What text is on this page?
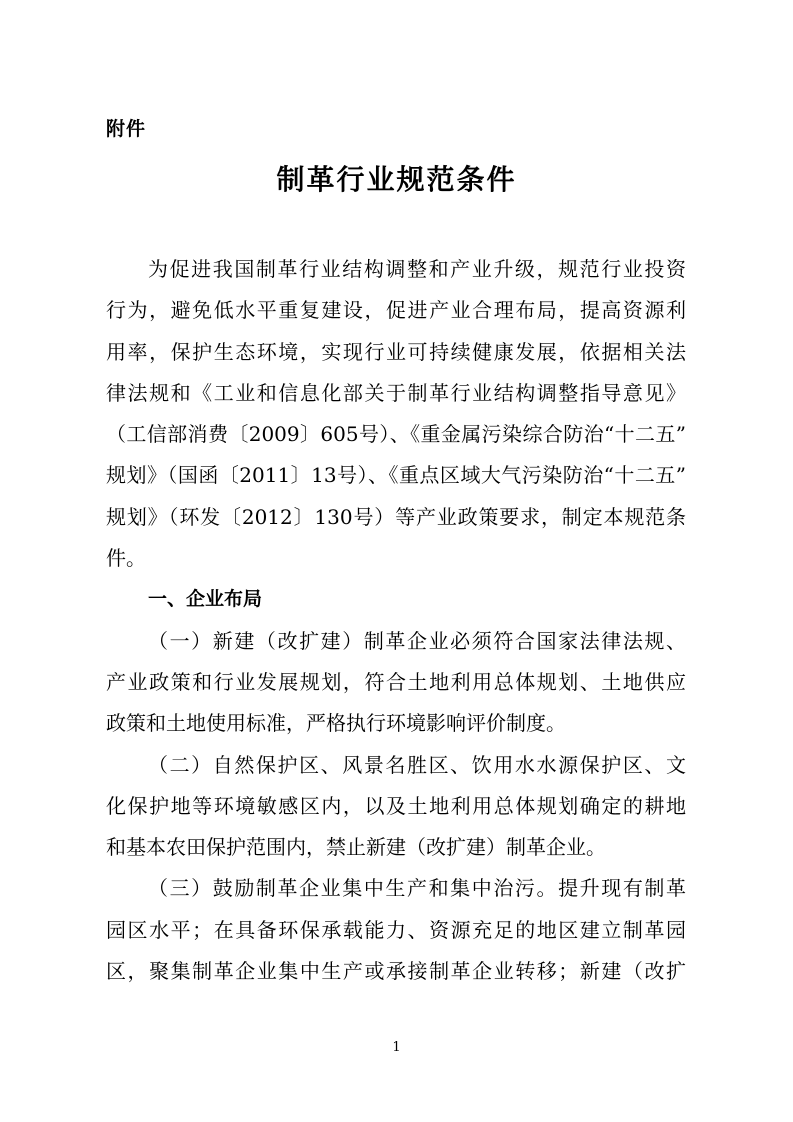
附件
制革行业规范条件
为促进我国制革行业结构调整和产业升级，规范行业投资
行为，避免低水平重复建设，促进产业合理布局，提高资源利
用率，保护生态环境，实现行业可持续健康发展，依据相关法
律法规和《工业和信息化部关于制革行业结构调整指导意见》
（工信部消费〔2009〕605号）、《重金属污染综合防治“十二五”
规划》（国函〔2011〕13号）、《重点区域大气污染防治“十二五”
规划》（环发〔2012〕130号）等产业政策要求，制定本规范条
件。
一、企业布局
（一）新建（改扩建）制革企业必须符合国家法律法规、
产业政策和行业发展规划，符合土地利用总体规划、土地供应
政策和土地使用标准，严格执行环境影响评价制度。
（二）自然保护区、风景名胜区、饮用水水源保护区、文
化保护地等环境敏感区内，以及土地利用总体规划确定的耕地
和基本农田保护范围内，禁止新建（改扩建）制革企业。
（三）鼓励制革企业集中生产和集中治污。提升现有制革
园区水平；在具备环保承载能力、资源充足的地区建立制革园
区，聚集制革企业集中生产或承接制革企业转移；新建（改扩
1
